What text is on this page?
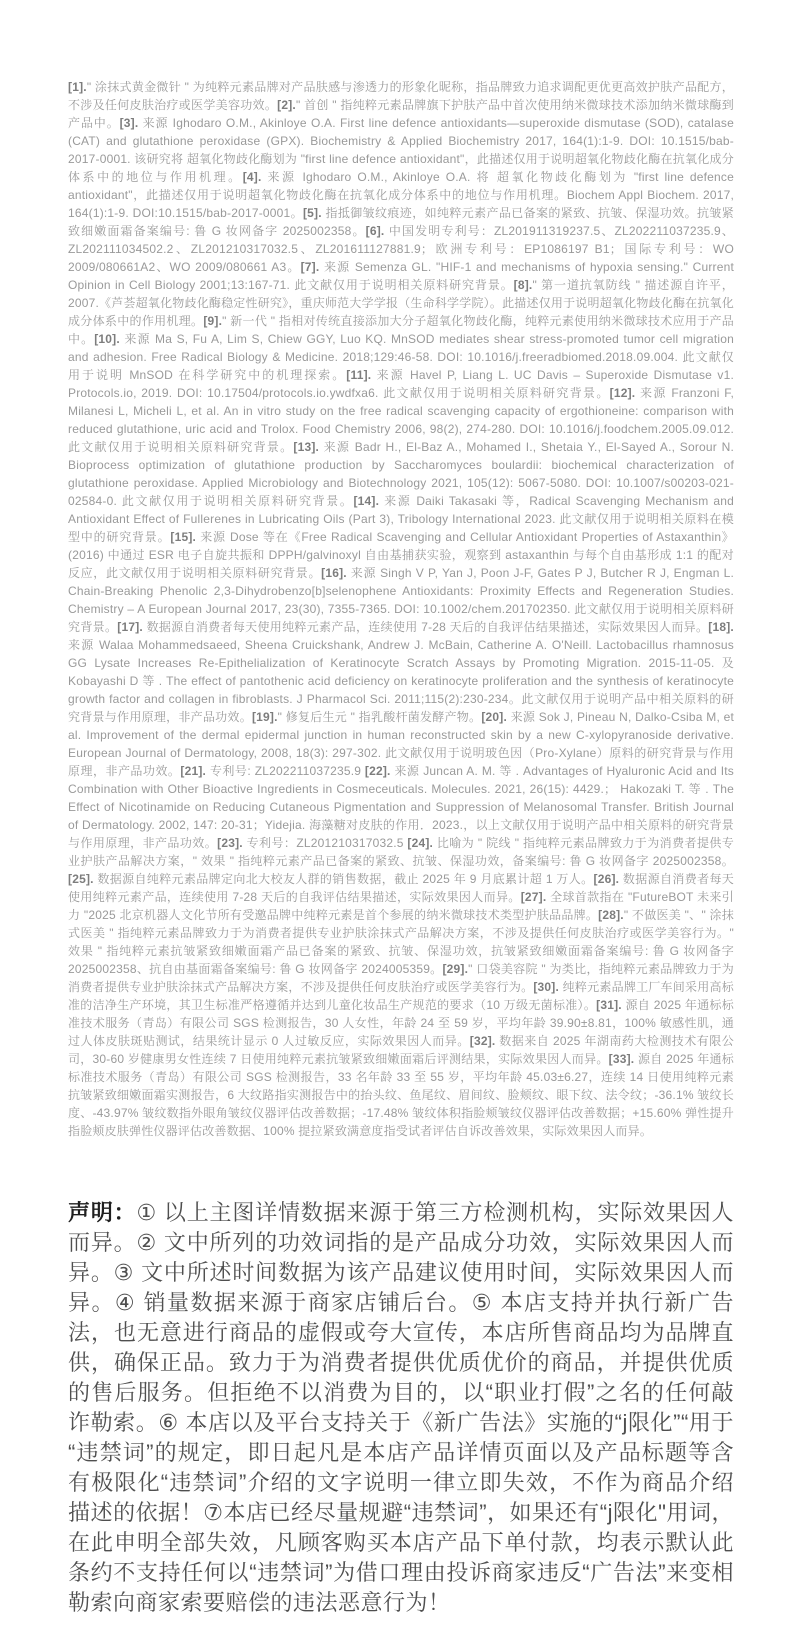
[1]." 涂抹式黄金微针 " 为纯粹元素品牌对产品肤感与渗透力的形象化昵称，指品牌致力追求调配更优更高效护肤产品配方，不涉及任何皮肤治疗或医学美容功效。[2]." 首创 " 指纯粹元素品牌旗下护肤产品中首次使用纳米微球技术添加纳米微球酶到产品中。[3]. 来源 Ighodaro O.M., Akinloye O.A. First line defence antioxidants—superoxide dismutase (SOD), catalase (CAT) and glutathione peroxidase (GPX). Biochemistry & Applied Biochemistry 2017, 164(1):1-9. DOI: 10.1515/bab-2017-0001. 该研究将 超氧化物歧化酶划为 "first line defence antioxidant"，此描述仅用于说明超氧化物歧化酶在抗氧化成分体系中的地位与作用机理。[4]. 来源 Ighodaro O.M., Akinloye O.A. 将 超氧化物歧化酶划为 "first line defence antioxidant"，此描述仅用于说明超氧化物歧化酶在抗氧化成分体系中的地位与作用机理。Biochem Appl Biochem. 2017, 164(1):1-9. DOI:10.1515/bab-2017-0001。[5]. 指抵御皱纹痕迹，如纯粹元素产品已备案的紧致、抗皱、保湿功效。抗皱紧致细嫩面霜备案编号: 鲁 G 妆网备字 2025002358。[6]. 中国发明专利号：ZL201911319237.5、ZL202211037235.9、ZL202111034502.2、ZL201210317032.5、ZL201611127881.9；欧洲专利号：EP1086197 B1；国际专利号：WO 2009/080661A2、WO 2009/080661 A3。[7]. 来源 Semenza GL. "HIF-1 and mechanisms of hypoxia sensing." Current Opinion in Cell Biology 2001;13:167-71. 此文献仅用于说明相关原料研究背景。[8]." 第一道抗氧防线 " 描述源自许平，2007.《芦荟超氧化物歧化酶稳定性研究》，重庆师范大学学报（生命科学学院）。此描述仅用于说明超氧化物歧化酶在抗氧化成分体系中的作用机理。[9]." 新一代 " 指相对传统直接添加大分子超氧化物歧化酶，纯粹元素使用纳米微球技术应用于产品中。[10]. 来源 Ma S, Fu A, Lim S, Chiew GGY, Luo KQ. MnSOD mediates shear stress-promoted tumor cell migration and adhesion. Free Radical Biology & Medicine. 2018;129:46-58. DOI: 10.1016/j.freeradbiomed.2018.09.004. 此文献仅用于说明 MnSOD 在科学研究中的机理探索。[11]. 来源 Havel P, Liang L. UC Davis – Superoxide Dismutase v1. Protocols.io, 2019. DOI: 10.17504/protocols.io.ywdfxa6. 此文献仅用于说明相关原料研究背景。[12]. 来源 Franzoni F, Milanesi L, Micheli L, et al. An in vitro study on the free radical scavenging capacity of ergothioneine: comparison with reduced glutathione, uric acid and Trolox. Food Chemistry 2006, 98(2), 274-280. DOI: 10.1016/j.foodchem.2005.09.012. 此文献仅用于说明相关原料研究背景。[13]. 来源 Badr H., El-Baz A., Mohamed I., Shetaia Y., El-Sayed A., Sorour N. Bioprocess optimization of glutathione production by Saccharomyces boulardii: biochemical characterization of glutathione peroxidase. Applied Microbiology and Biotechnology 2021, 105(12): 5067-5080. DOI: 10.1007/s00203-021-02584-0. 此文献仅用于说明相关原料研究背景。[14]. 来源 Daiki Takasaki 等，Radical Scavenging Mechanism and Antioxidant Effect of Fullerenes in Lubricating Oils (Part 3), Tribology International 2023. 此文献仅用于说明相关原料在模型中的研究背景。[15]. 来源 Dose 等在《Free Radical Scavenging and Cellular Antioxidant Properties of Astaxanthin》(2016) 中通过 ESR 电子自旋共振和 DPPH/galvinoxyl 自由基捕获实验，观察到 astaxanthin 与每个自由基形成 1:1 的配对反应，此文献仅用于说明相关原料研究背景。[16]. 来源 Singh V P, Yan J, Poon J-F, Gates P J, Butcher R J, Engman L. Chain-Breaking Phenolic 2,3-Dihydrobenzo[b]selenophene Antioxidants: Proximity Effects and Regeneration Studies. Chemistry – A European Journal 2017, 23(30), 7355-7365. DOI: 10.1002/chem.201702350. 此文献仅用于说明相关原料研究背景。[17]. 数据源自消费者每天使用纯粹元素产品，连续使用 7-28 天后的自我评估结果描述，实际效果因人而异。[18]. 来源 Walaa Mohammedsaeed, Sheena Cruickshank, Andrew J. McBain, Catherine A. O'Neill. Lactobacillus rhamnosus GG Lysate Increases Re-Epithelialization of Keratinocyte Scratch Assays by Promoting Migration. 2015-11-05. 及 Kobayashi D 等 . The effect of pantothenic acid deficiency on keratinocyte proliferation and the synthesis of keratinocyte growth factor and collagen in fibroblasts. J Pharmacol Sci. 2011;115(2):230-234。此文献仅用于说明产品中相关原料的研究背景与作用原理，非产品功效。[19]." 修复后生元 " 指乳酸杆菌发酵产物。[20]. 来源 Sok J, Pineau N, Dalko-Csiba M, et al. Improvement of the dermal epidermal junction in human reconstructed skin by a new C-xylopyranoside derivative. European Journal of Dermatology, 2008, 18(3): 297-302. 此文献仅用于说明玻色因（Pro-Xylane）原料的研究背景与作用原理，非产品功效。[21]. 专利号: ZL202211037235.9 [22]. 来源 Juncan A. M. 等 . Advantages of Hyaluronic Acid and Its Combination with Other Bioactive Ingredients in Cosmeceuticals. Molecules. 2021, 26(15): 4429.； Hakozaki T. 等 . The Effect of Nicotinamide on Reducing Cutaneous Pigmentation and Suppression of Melanosomal Transfer. British Journal of Dermatology. 2002, 147: 20-31；Yidejia. 海藻糖对皮肤的作用．2023.，以上文献仅用于说明产品中相关原料的研究背景与作用原理，非产品功效。[23]. 专利号：ZL201210317032.5 [24]. 比喻为 " 院线 " 指纯粹元素品牌致力于为消费者提供专业护肤产品解决方案，" 效果 " 指纯粹元素产品已备案的紧致、抗皱、保湿功效，备案编号: 鲁 G 妆网备字 2025002358。[25]. 数据源自纯粹元素品牌定向北大校友人群的销售数据，截止 2025 年 9 月底累计超 1 万人。[26]. 数据源自消费者每天使用纯粹元素产品，连续使用 7-28 天后的自我评估结果描述，实际效果因人而异。[27]. 全球首款指在 "FutureBOT 未来引力 "2025 北京机器人文化节所有受邀品牌中纯粹元素是首个参展的纳米微球技术类型护肤品品牌。[28]." 不做医美 "、" 涂抹式医美 " 指纯粹元素品牌致力于为消费者提供专业护肤涂抹式产品解决方案，不涉及提供任何皮肤治疗或医学美容行为。" 效果 " 指纯粹元素抗皱紧致细嫩面霜产品已备案的紧致、抗皱、保湿功效，抗皱紧致细嫩面霜备案编号: 鲁 G 妆网备字 2025002358、抗自由基面霜备案编号: 鲁 G 妆网备字 2024005359。[29]." 口袋美容院 " 为类比，指纯粹元素品牌致力于为消费者提供专业护肤涂抹式产品解决方案，不涉及提供任何皮肤治疗或医学美容行为。[30]. 纯粹元素品牌工厂车间采用高标准的洁净生产环境，其卫生标准严格遵循并达到儿童化妆品生产规范的要求（10 万级无菌标准）。[31]. 源自 2025 年通标标准技术服务（青岛）有限公司 SGS 检测报告，30 人女性，年龄 24 至 59 岁，平均年龄 39.90±8.81，100% 敏感性肌，通过人体皮肤斑贴测试，结果统计显示 0 人过敏反应，实际效果因人而异。[32]. 数据来自 2025 年湖南药大检测技术有限公司，30-60 岁健康男女性连续 7 日使用纯粹元素抗皱紧致细嫩面霜后评测结果，实际效果因人而异。[33]. 源自 2025 年通标标准技术服务（青岛）有限公司 SGS 检测报告，33 名年龄 33 至 55 岁，平均年龄 45.03±6.27，连续 14 日使用纯粹元素抗皱紧致细嫩面霜实测报告，6 大纹路指实测报告中的抬头纹、鱼尾纹、眉间纹、脸颊纹、眼下纹、法令纹；-36.1% 皱纹长度、-43.97% 皱纹数指外眼角皱纹仪器评估改善数据；-17.48% 皱纹体积指脸颊皱纹仪器评估改善数据；+15.60% 弹性提升指脸颊皮肤弹性仪器评估改善数据、100% 提拉紧致满意度指受试者评估自诉改善效果，实际效果因人而异。

声明：① 以上主图详情数据来源于第三方检测机构，实际效果因人而异。② 文中所列的功效词指的是产品成分功效，实际效果因人而异。③ 文中所述时间数据为该产品建议使用时间，实际效果因人而异。④ 销量数据来源于商家店铺后台。⑤ 本店支持并执行新广告法，也无意进行商品的虚假或夸大宣传，本店所售商品均为品牌直供，确保正品。致力于为消费者提供优质优价的商品，并提供优质的售后服务。但拒绝不以消费为目的，以“职业打假”之名的任何敲诈勒索。⑥ 本店以及平台支持关于《新广告法》实施的“j限化”“用于“违禁词”的规定，即日起凡是本店产品详情页面以及产品标题等含有极限化“违禁词”介绍的文字说明一律立即失效，不作为商品介绍描述的依据！⑦本店已经尽量规避“违禁词”，如果还有“j限化"用词，在此申明全部失效，凡顾客购买本店产品下单付款，均表示默认此条约不支持任何以“违禁词”为借口理由投诉商家违反“广告法”来变相勒索向商家索要赔偿的违法恶意行为！
